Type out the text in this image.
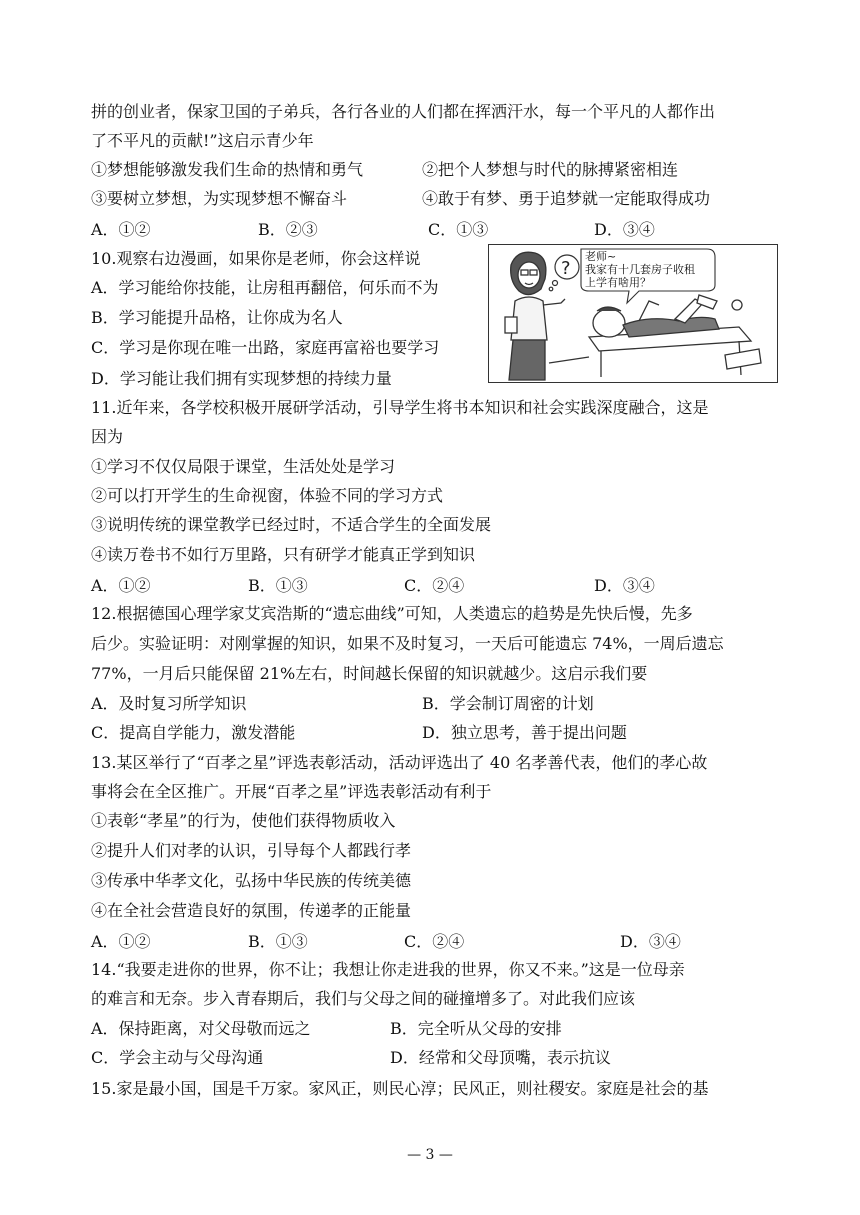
拼的创业者，保家卫国的子弟兵，各行各业的人们都在挥洒汗水，每一个平凡的人都作出
了不平凡的贡献!”这启示青少年
①梦想能够激发我们生命的热情和勇气	②把个人梦想与时代的脉搏紧密相连
③要树立梦想，为实现梦想不懈奋斗	④敢于有梦、勇于追梦就一定能取得成功
A．①②	B．②③	C．①③	D．③④
10.观察右边漫画，如果你是老师，你会这样说
A．学习能给你技能，让房租再翻倍，何乐而不为
B．学习能提升品格，让你成为名人
C．学习是你现在唯一出路，家庭再富裕也要学习
D．学习能让我们拥有实现梦想的持续力量
?
老师~
我家有十几套房子收租
上学有啥用？
11.近年来，各学校积极开展研学活动，引导学生将书本知识和社会实践深度融合，这是
因为
①学习不仅仅局限于课堂，生活处处是学习
②可以打开学生的生命视窗，体验不同的学习方式
③说明传统的课堂教学已经过时，不适合学生的全面发展
④读万卷书不如行万里路，只有研学才能真正学到知识
A．①②	B．①③	C．②④	D．③④
12.根据德国心理学家艾宾浩斯的“遗忘曲线”可知，人类遗忘的趋势是先快后慢，先多
后少。实验证明：对刚掌握的知识，如果不及时复习，一天后可能遗忘 74%，一周后遗忘
77%，一月后只能保留 21%左右，时间越长保留的知识就越少。这启示我们要
A．及时复习所学知识	B．学会制订周密的计划
C．提高自学能力，激发潜能	D．独立思考，善于提出问题
13.某区举行了“百孝之星”评选表彰活动，活动评选出了 40 名孝善代表，他们的孝心故
事将会在全区推广。开展“百孝之星”评选表彰活动有利于
①表彰“孝星”的行为，使他们获得物质收入
②提升人们对孝的认识，引导每个人都践行孝
③传承中华孝文化，弘扬中华民族的传统美德
④在全社会营造良好的氛围，传递孝的正能量
A．①②	B．①③	C．②④	D．③④
14.“我要走进你的世界，你不让；我想让你走进我的世界，你又不来。”这是一位母亲
的难言和无奈。步入青春期后，我们与父母之间的碰撞增多了。对此我们应该
A．保持距离，对父母敬而远之	B．完全听从父母的安排
C．学会主动与父母沟通	D．经常和父母顶嘴，表示抗议
15.家是最小国，国是千万家。家风正，则民心淳；民风正，则社稷安。家庭是社会的基
— 3 —
